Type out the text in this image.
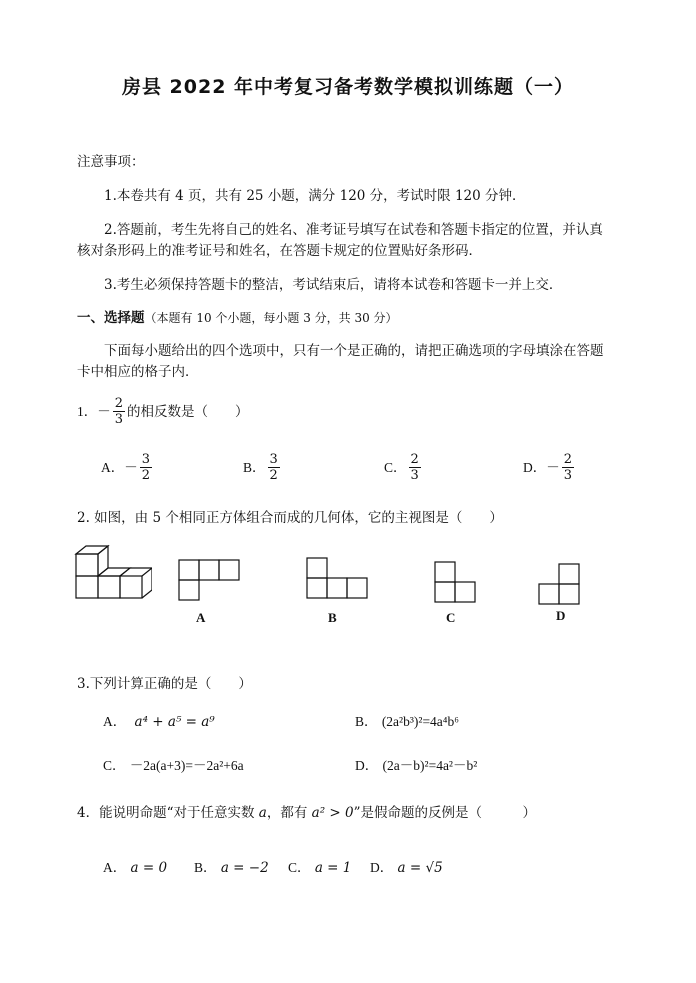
房县 2022 年中考复习备考数学模拟训练题（一）
注意事项：
1.本卷共有 4 页，共有 25 小题，满分 120 分，考试时限 120 分钟．
2.答题前，考生先将自己的姓名、准考证号填写在试卷和答题卡指定的位置，并认真
核对条形码上的准考证号和姓名，在答题卡规定的位置贴好条形码．
3.考生必须保持答题卡的整洁，考试结束后，请将本试卷和答题卡一并上交．
一、选择题（本题有 10 个小题，每小题 3 分，共 30 分）
下面每小题给出的四个选项中，只有一个是正确的，请把正确选项的字母填涂在答题
卡中相应的格子内．
1． － $\frac{2}{3}$ 的相反数是（　　）
A． － $\frac{3}{2}$	B． $\frac{3}{2}$	C． $\frac{2}{3}$	D． － $\frac{2}{3}$
2. 如图，由 5 个相同正方体组合而成的几何体，它的主视图是（　　）
A	B	C	D
3.下列计算正确的是（　　）
A． a⁴ + a⁵ = a⁹	B． (2a²b³)²=4a⁴b⁶
C． －2a(a+3)=－2a²+6a	D． (2a－b)²=4a²－b²
4．能说明命题“对于任意实数 a，都有 a² > 0”是假命题的反例是（　　　）
A． a = 0 B． a = −2 C． a = 1 D． a = √5
